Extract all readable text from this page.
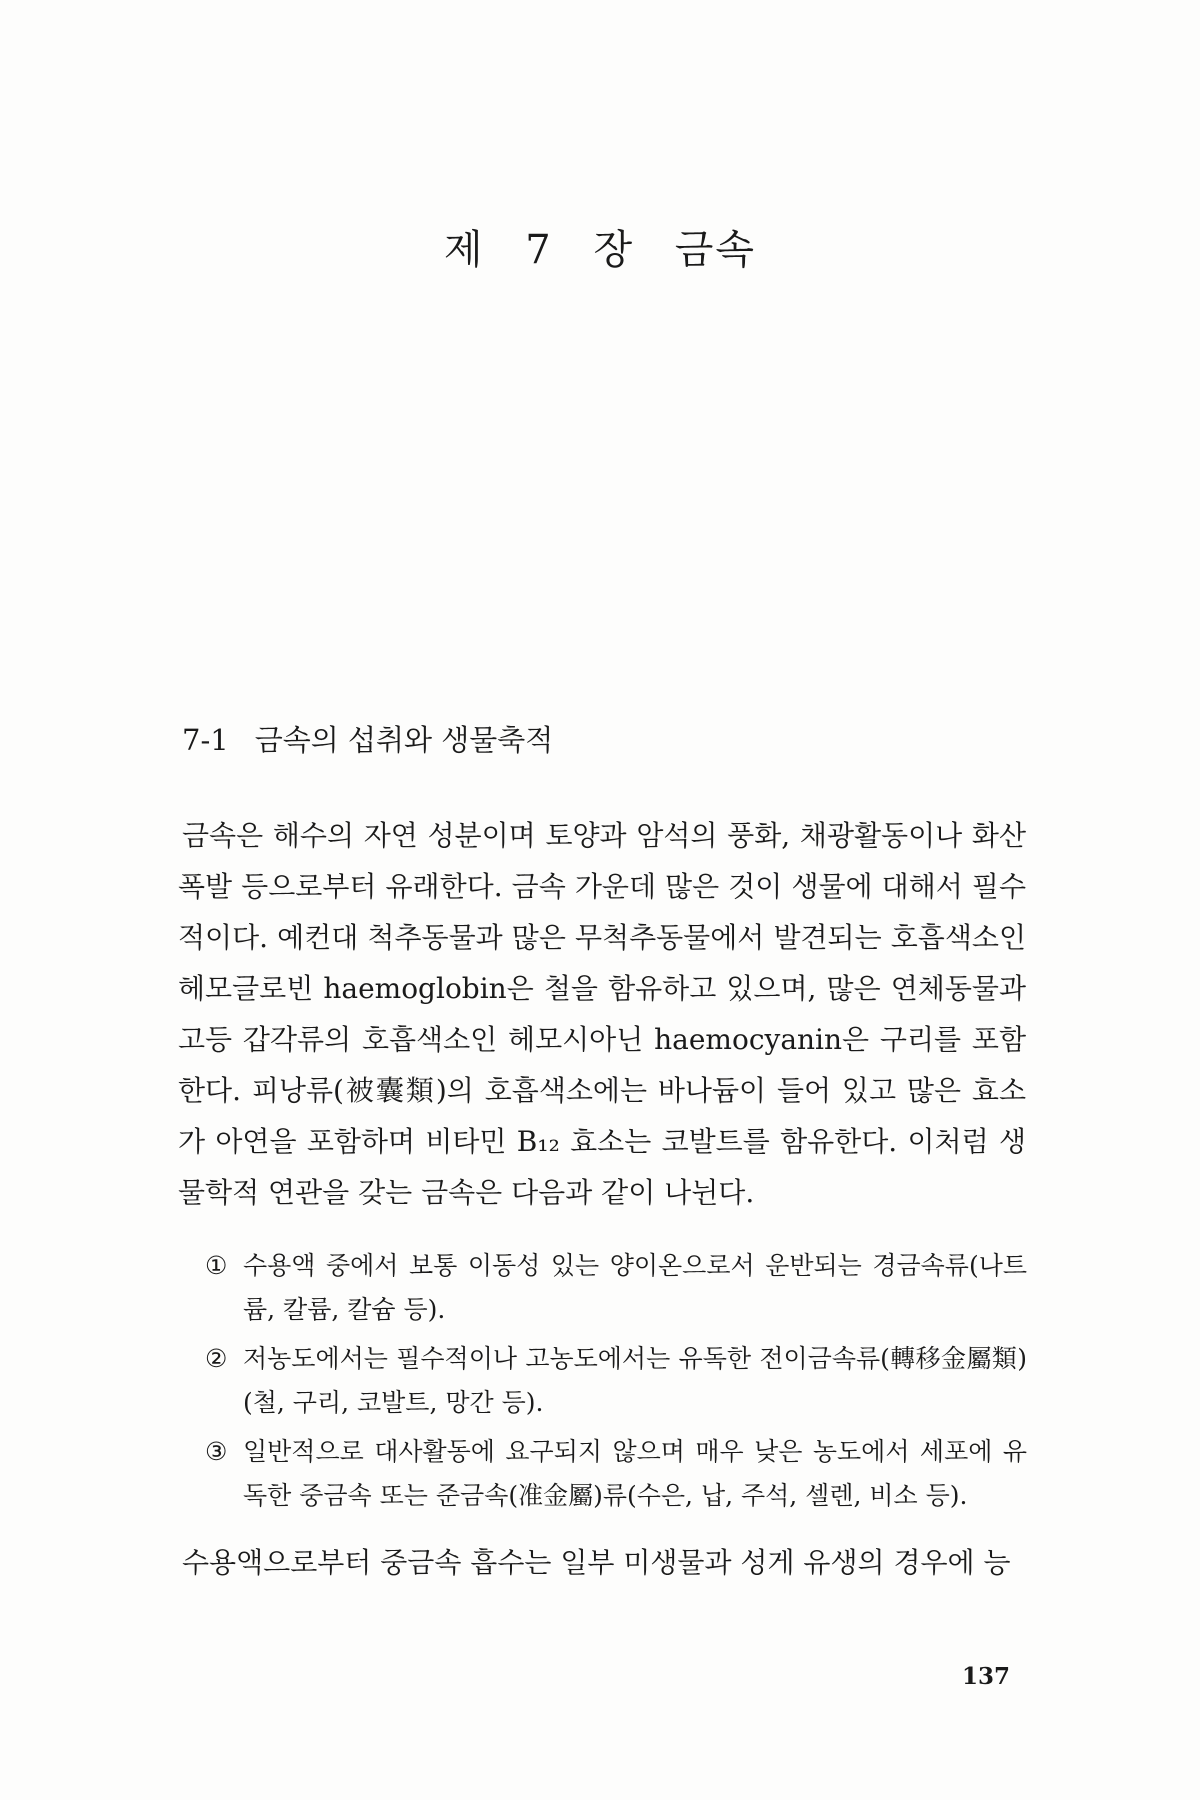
제 7 장 금속
7-1 금속의 섭취와 생물축적

금속은 해수의 자연 성분이며 토양과 암석의 풍화, 채광활동이나 화산 폭발 등으로부터 유래한다. 금속 가운데 많은 것이 생물에 대해서 필수적이다. 예컨대 척추동물과 많은 무척추동물에서 발견되는 호흡색소인 헤모글로빈 haemoglobin은 철을 함유하고 있으며, 많은 연체동물과 고등 갑각류의 호흡색소인 헤모시아닌 haemocyanin은 구리를 포함한다. 피낭류(被囊類)의 호흡색소에는 바나듐이 들어 있고 많은 효소가 아연을 포함하며 비타민 B₁₂ 효소는 코발트를 함유한다. 이처럼 생물학적 연관을 갖는 금속은 다음과 같이 나뉜다.

① 수용액 중에서 보통 이동성 있는 양이온으로서 운반되는 경금속류(나트륨, 칼륨, 칼슘 등).
② 저농도에서는 필수적이나 고농도에서는 유독한 전이금속류(轉移金屬類)(철, 구리, 코발트, 망간 등).
③ 일반적으로 대사활동에 요구되지 않으며 매우 낮은 농도에서 세포에 유독한 중금속 또는 준금속(准金屬)류(수은, 납, 주석, 셀렌, 비소 등).

수용액으로부터 중금속 흡수는 일부 미생물과 성게 유생의 경우에 능

137
